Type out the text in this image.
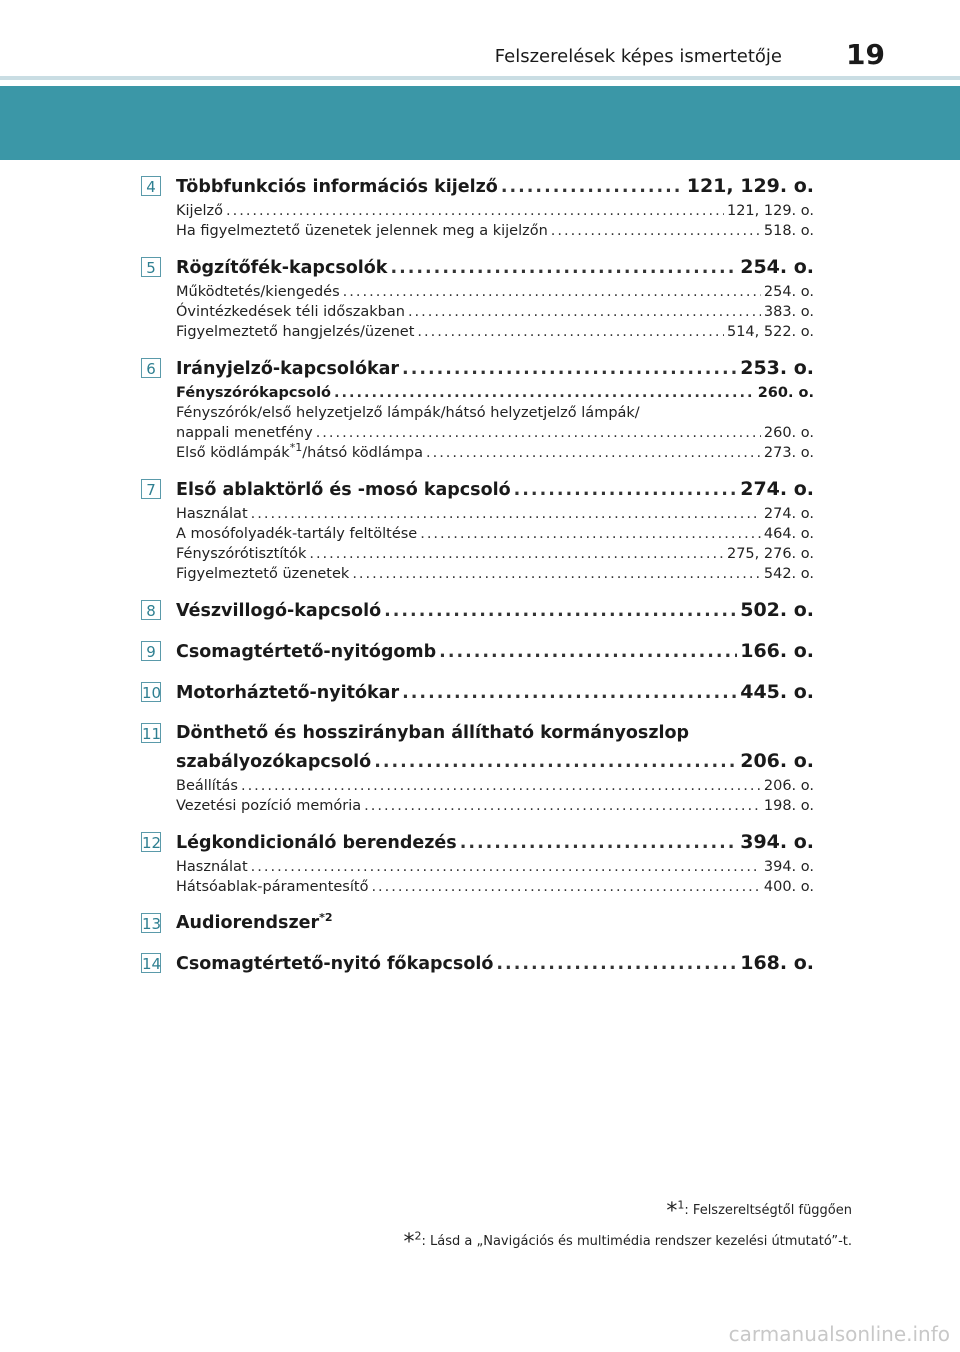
Felszerelések képes ismertetője 19
4 Többfunkciós információs kijelző .....	121, 129. o.
Kijelző .....	121, 129. o.
Ha figyelmeztető üzenetek jelennek meg a kijelzőn .....	518. o.
5 Rögzítőfék-kapcsolók .....	254. o.
Működtetés/kiengedés .....	254. o.
Óvintézkedések téli időszakban .....	383. o.
Figyelmeztető hangjelzés/üzenet .....	514, 522. o.
6 Irányjelző-kapcsolókar .....	253. o.
Fényszórókapcsoló .....	260. o.
Fényszórók/első helyzetjelző lámpák/hátsó helyzetjelző lámpák/
nappali menetfény .....	260. o.
Első ködlámpák$^{*1}$/hátsó ködlámpa .....	273. o.
7 Első ablaktörlő és -mosó kapcsoló .....	274. o.
Használat .....	274. o.
A mosófolyadék-tartály feltöltése .....	464. o.
Fényszórótisztítók .....	275, 276. o.
Figyelmeztető üzenetek .....	542. o.
8 Vészvillogó-kapcsoló .....	502. o.
9 Csomagtértető-nyitógomb .....	166. o.
10 Motorháztető-nyitókar .....	445. o.
11 Dönthető és hosszirányban állítható kormányoszlop
szabályozókapcsoló .....	206. o.
Beállítás .....	206. o.
Vezetési pozíció memória .....	198. o.
12 Légkondicionáló berendezés .....	394. o.
Használat .....	394. o.
Hátsóablak-páramentesítő .....	400. o.
13 Audiorendszer$^{*2}$
14 Csomagtértető-nyitó főkapcsoló .....	168. o.
*$^1$: Felszereltségtől függően
*$^2$: Lásd a „Navigációs és multimédia rendszer kezelési útmutató”-t.
carmanualsonline.info
